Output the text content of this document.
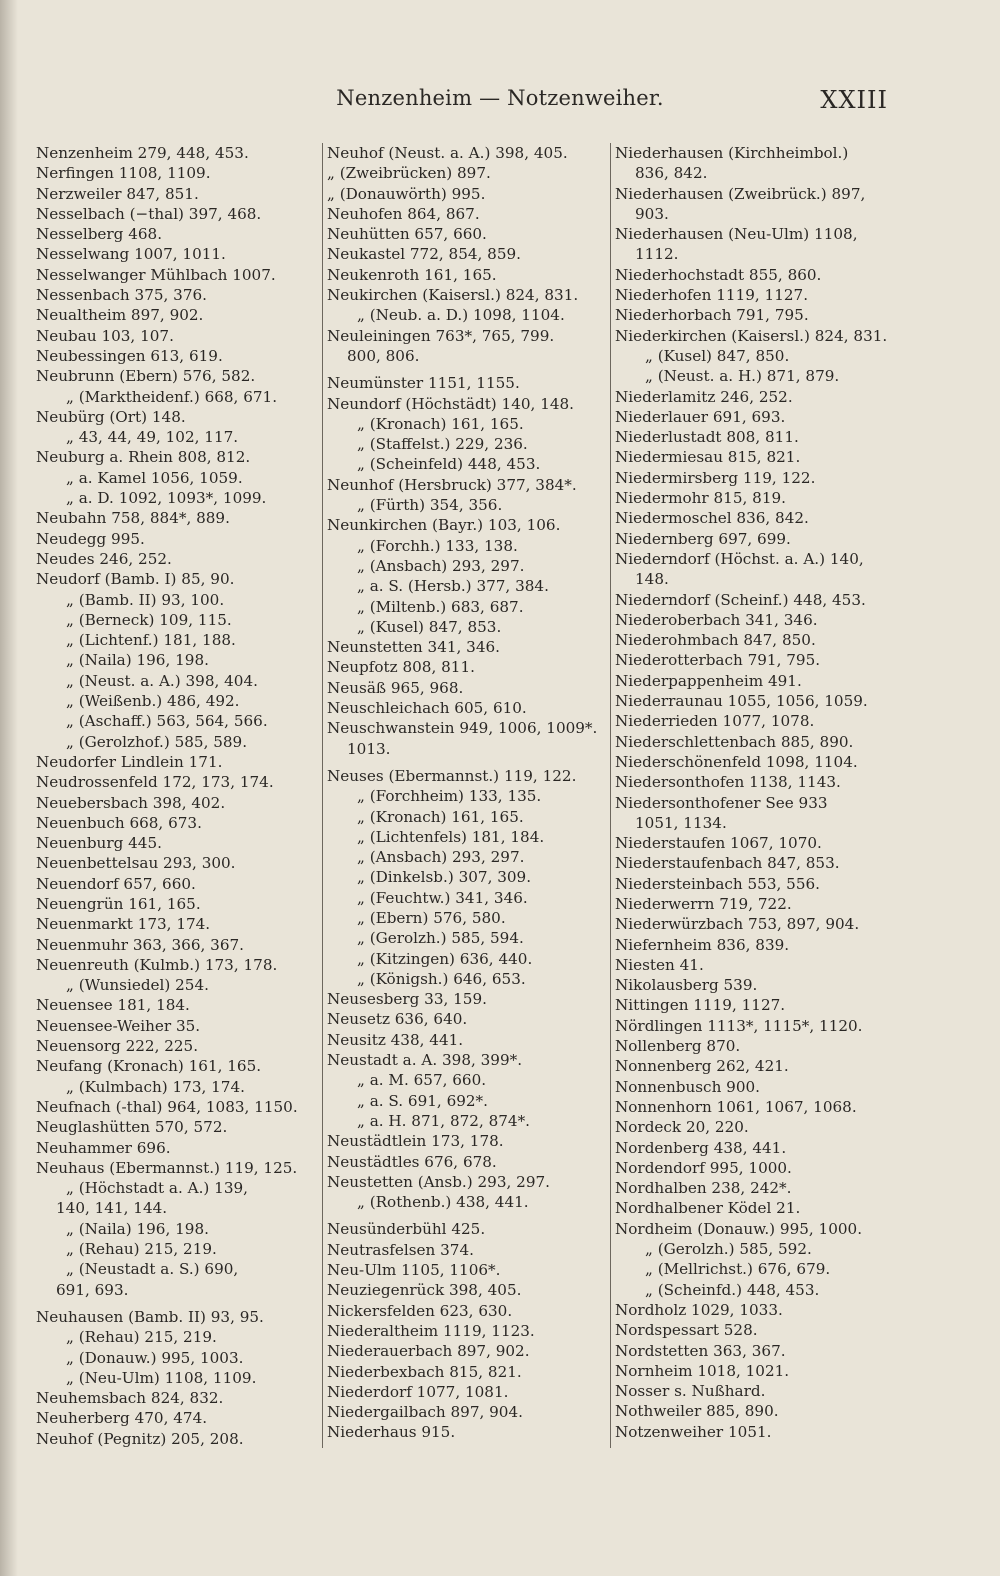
Nenzenheim — Notzenweiher.	XXIII
Nenzenheim 279, 448, 453.
Nerfingen 1108, 1109.
Nerzweiler 847, 851.
Nesselbach (−thal) 397, 468.
Nesselberg 468.
Nesselwang 1007, 1011.
Nesselwanger Mühlbach 1007.
Nessenbach 375, 376.
Neualtheim 897, 902.
Neubau 103, 107.
Neubessingen 613, 619.
Neubrunn (Ebern) 576, 582.
„ (Marktheidenf.) 668, 671.
Neubürg (Ort) 148.
„ 43, 44, 49, 102, 117.
Neuburg a. Rhein 808, 812.
„ a. Kamel 1056, 1059.
„ a. D. 1092, 1093*, 1099.
Neubahn 758, 884*, 889.
Neudegg 995.
Neudes 246, 252.
Neudorf (Bamb. I) 85, 90.
„ (Bamb. II) 93, 100.
„ (Berneck) 109, 115.
„ (Lichtenf.) 181, 188.
„ (Naila) 196, 198.
„ (Neust. a. A.) 398, 404.
„ (Weißenb.) 486, 492.
„ (Aschaff.) 563, 564, 566.
„ (Gerolzhof.) 585, 589.
Neudorfer Lindlein 171.
Neudrossenfeld 172, 173, 174.
Neuebersbach 398, 402.
Neuenbuch 668, 673.
Neuenburg 445.
Neuenbettelsau 293, 300.
Neuendorf 657, 660.
Neuengrün 161, 165.
Neuenmarkt 173, 174.
Neuenmuhr 363, 366, 367.
Neuenreuth (Kulmb.) 173, 178.
„ (Wunsiedel) 254.
Neuensee 181, 184.
Neuensee-Weiher 35.
Neuensorg 222, 225.
Neufang (Kronach) 161, 165.
„ (Kulmbach) 173, 174.
Neufnach (-thal) 964, 1083, 1150.
Neuglashütten 570, 572.
Neuhammer 696.
Neuhaus (Ebermannst.) 119, 125.
„ (Höchstadt a. A.) 139,
140, 141, 144.
„ (Naila) 196, 198.
„ (Rehau) 215, 219.
„ (Neustadt a. S.) 690,
691, 693.
Neuhausen (Bamb. II) 93, 95.
„ (Rehau) 215, 219.
„ (Donauw.) 995, 1003.
„ (Neu-Ulm) 1108, 1109.
Neuhemsbach 824, 832.
Neuherberg 470, 474.
Neuhof (Pegnitz) 205, 208.
Neuhof (Neust. a. A.) 398, 405.
„ (Zweibrücken) 897.
„ (Donauwörth) 995.
Neuhofen 864, 867.
Neuhütten 657, 660.
Neukastel 772, 854, 859.
Neukenroth 161, 165.
Neukirchen (Kaisersl.) 824, 831.
„ (Neub. a. D.) 1098, 1104.
Neuleiningen 763*, 765, 799.
800, 806.
Neumünster 1151, 1155.
Neundorf (Höchstädt) 140, 148.
„ (Kronach) 161, 165.
„ (Staffelst.) 229, 236.
„ (Scheinfeld) 448, 453.
Neunhof (Hersbruck) 377, 384*.
„ (Fürth) 354, 356.
Neunkirchen (Bayr.) 103, 106.
„ (Forchh.) 133, 138.
„ (Ansbach) 293, 297.
„ a. S. (Hersb.) 377, 384.
„ (Miltenb.) 683, 687.
„ (Kusel) 847, 853.
Neunstetten 341, 346.
Neupfotz 808, 811.
Neusäß 965, 968.
Neuschleichach 605, 610.
Neuschwanstein 949, 1006, 1009*.
1013.
Neuses (Ebermannst.) 119, 122.
„ (Forchheim) 133, 135.
„ (Kronach) 161, 165.
„ (Lichtenfels) 181, 184.
„ (Ansbach) 293, 297.
„ (Dinkelsb.) 307, 309.
„ (Feuchtw.) 341, 346.
„ (Ebern) 576, 580.
„ (Gerolzh.) 585, 594.
„ (Kitzingen) 636, 440.
„ (Königsh.) 646, 653.
Neusesberg 33, 159.
Neusetz 636, 640.
Neusitz 438, 441.
Neustadt a. A. 398, 399*.
„ a. M. 657, 660.
„ a. S. 691, 692*.
„ a. H. 871, 872, 874*.
Neustädtlein 173, 178.
Neustädtles 676, 678.
Neustetten (Ansb.) 293, 297.
„ (Rothenb.) 438, 441.
Neusünderbühl 425.
Neutrasfelsen 374.
Neu-Ulm 1105, 1106*.
Neuziegenrück 398, 405.
Nickersfelden 623, 630.
Niederaltheim 1119, 1123.
Niederauerbach 897, 902.
Niederbexbach 815, 821.
Niederdorf 1077, 1081.
Niedergailbach 897, 904.
Niederhaus 915.
Niederhausen (Kirchheimbol.)
836, 842.
Niederhausen (Zweibrück.) 897,
903.
Niederhausen (Neu-Ulm) 1108,
1112.
Niederhochstadt 855, 860.
Niederhofen 1119, 1127.
Niederhorbach 791, 795.
Niederkirchen (Kaisersl.) 824, 831.
„ (Kusel) 847, 850.
„ (Neust. a. H.) 871, 879.
Niederlamitz 246, 252.
Niederlauer 691, 693.
Niederlustadt 808, 811.
Niedermiesau 815, 821.
Niedermirsberg 119, 122.
Niedermohr 815, 819.
Niedermoschel 836, 842.
Niedernberg 697, 699.
Niederndorf (Höchst. a. A.) 140,
148.
Niederndorf (Scheinf.) 448, 453.
Niederoberbach 341, 346.
Niederohmbach 847, 850.
Niederotterbach 791, 795.
Niederpappenheim 491.
Niederraunau 1055, 1056, 1059.
Niederrieden 1077, 1078.
Niederschlettenbach 885, 890.
Niederschönenfeld 1098, 1104.
Niedersonthofen 1138, 1143.
Niedersonthofener See 933
1051, 1134.
Niederstaufen 1067, 1070.
Niederstaufenbach 847, 853.
Niedersteinbach 553, 556.
Niederwerrn 719, 722.
Niederwürzbach 753, 897, 904.
Niefernheim 836, 839.
Niesten 41.
Nikolausberg 539.
Nittingen 1119, 1127.
Nördlingen 1113*, 1115*, 1120.
Nollenberg 870.
Nonnenberg 262, 421.
Nonnenbusch 900.
Nonnenhorn 1061, 1067, 1068.
Nordeck 20, 220.
Nordenberg 438, 441.
Nordendorf 995, 1000.
Nordhalben 238, 242*.
Nordhalbener Ködel 21.
Nordheim (Donauw.) 995, 1000.
„ (Gerolzh.) 585, 592.
„ (Mellrichst.) 676, 679.
„ (Scheinfd.) 448, 453.
Nordholz 1029, 1033.
Nordspessart 528.
Nordstetten 363, 367.
Nornheim 1018, 1021.
Nosser s. Nußhard.
Nothweiler 885, 890.
Notzenweiher 1051.
